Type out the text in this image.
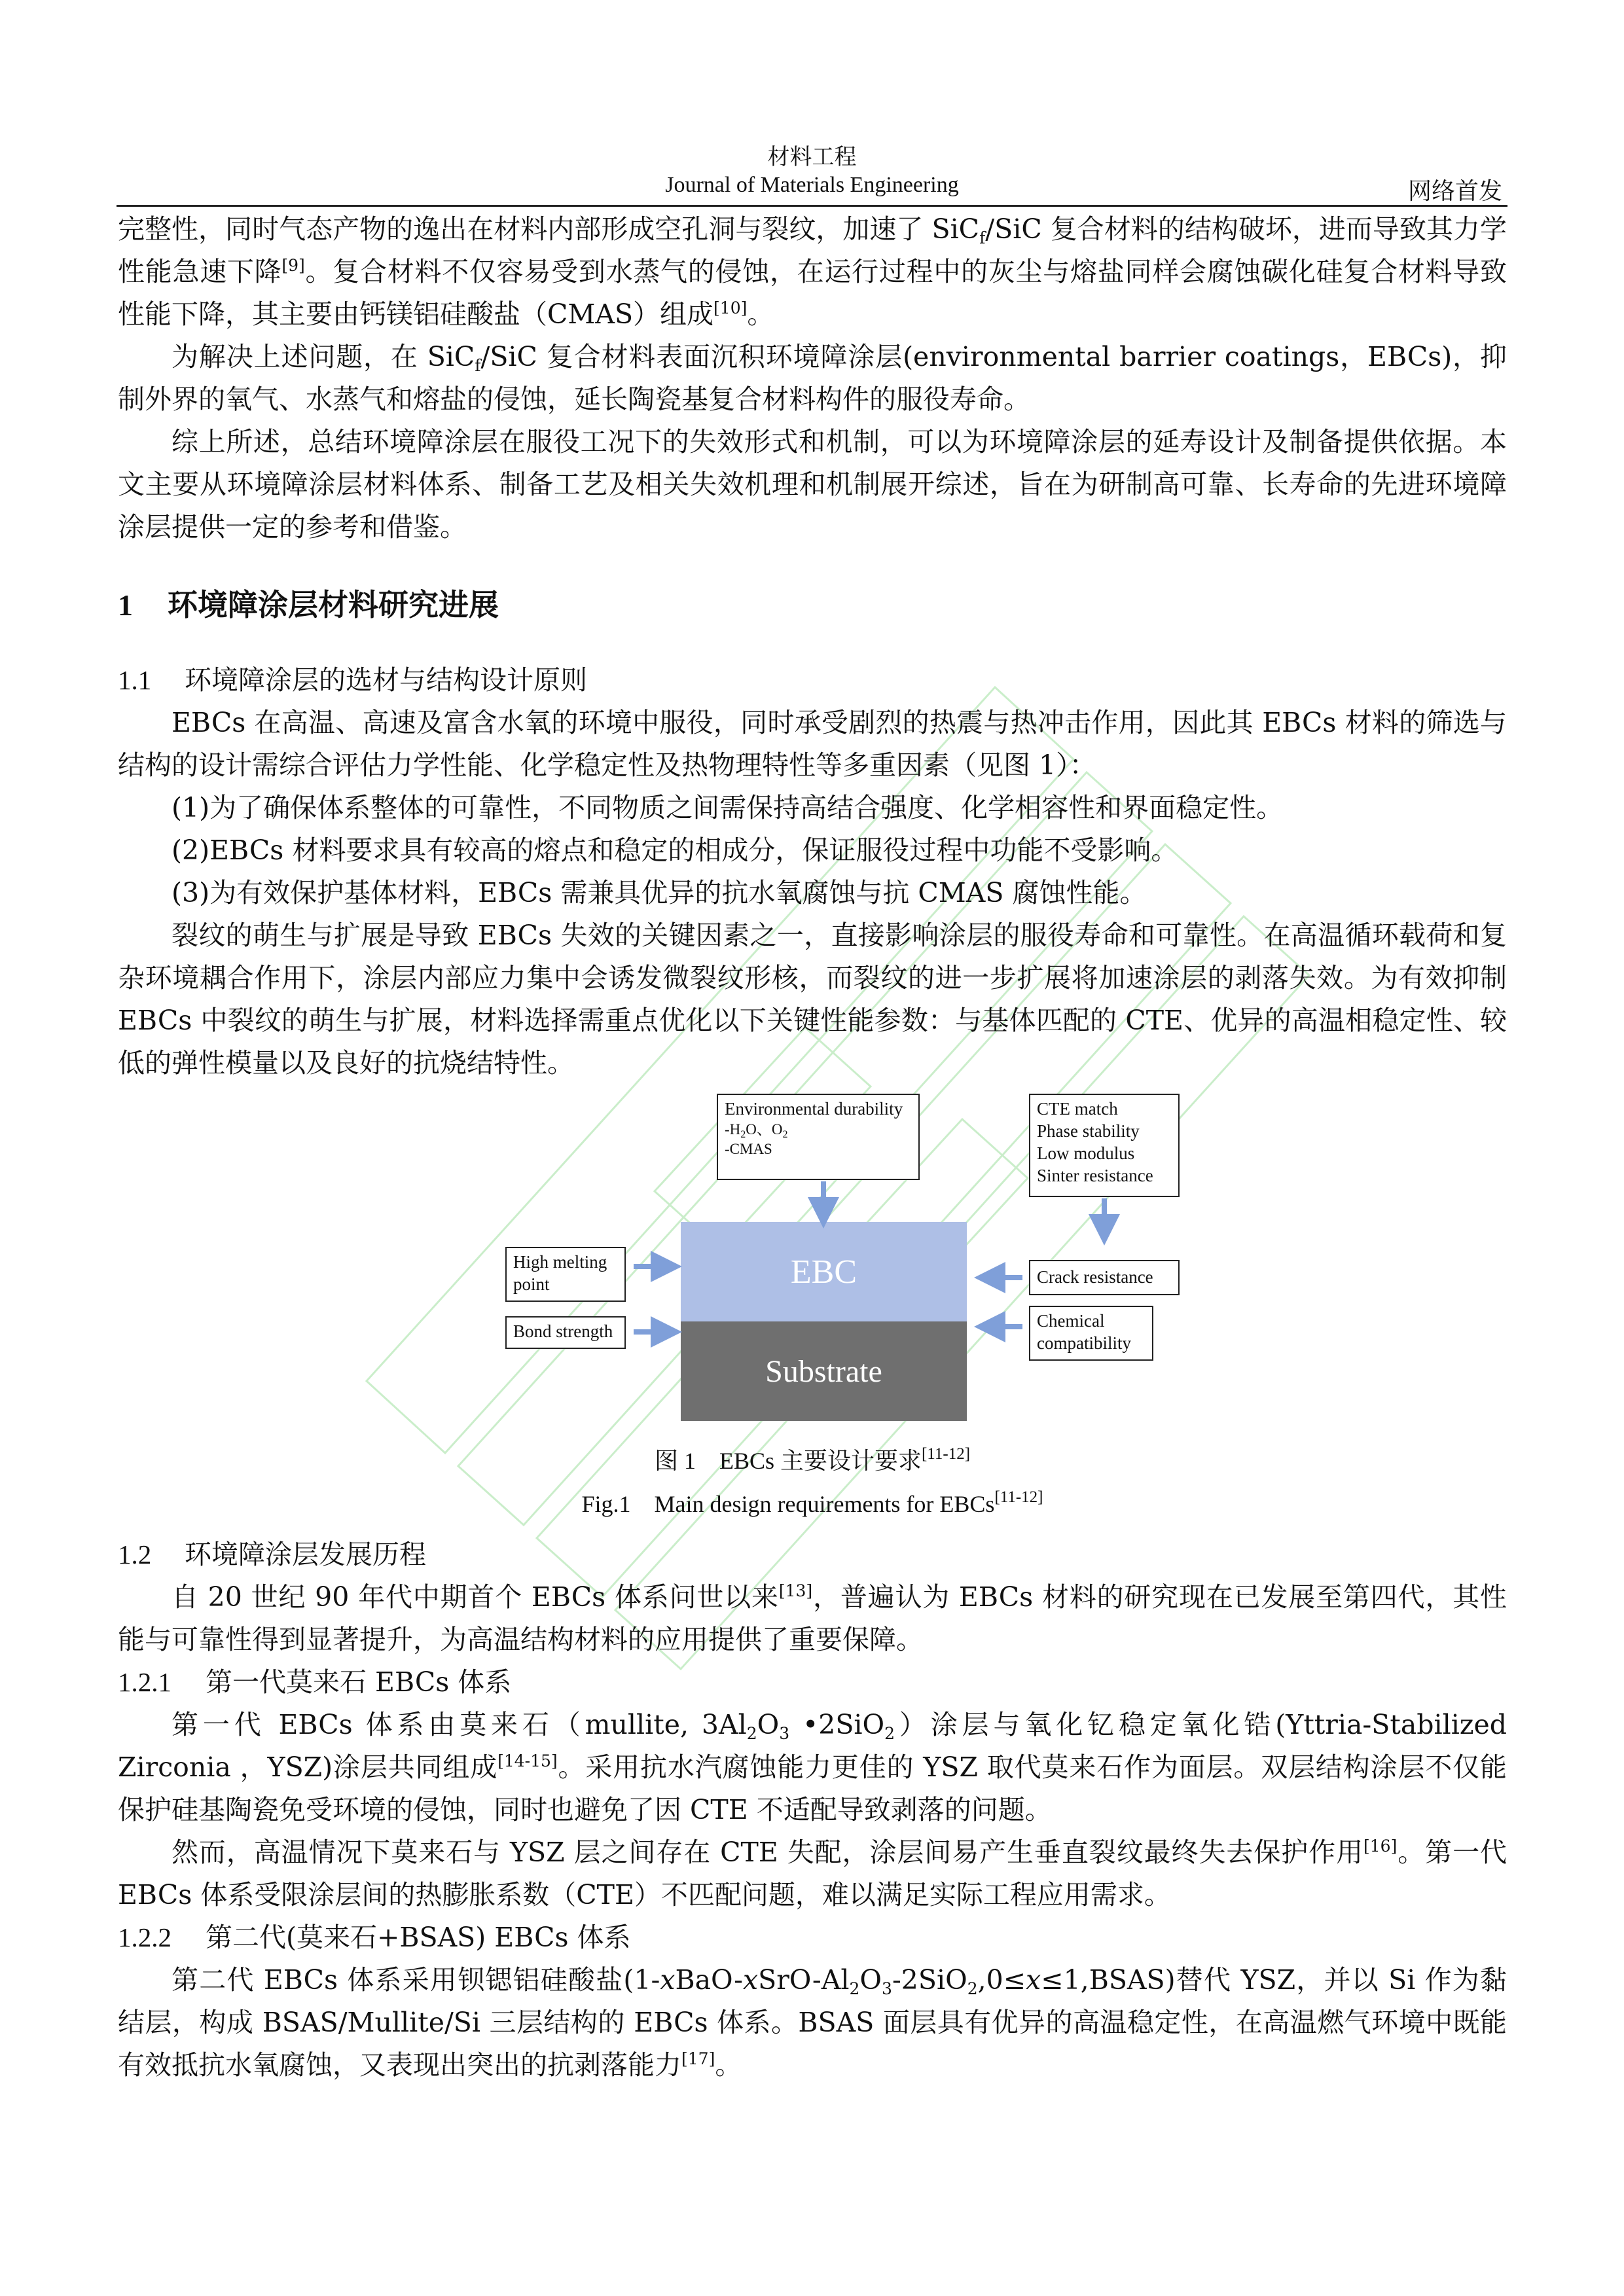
材料工程
Journal of Materials Engineering	网络首发

完整性，同时气态产物的逸出在材料内部形成空孔洞与裂纹，加速了 SiC$_f$/SiC 复合材料的结构破坏，进而导致其力学性能急速下降[9]。复合材料不仅容易受到水蒸气的侵蚀，在运行过程中的灰尘与熔盐同样会腐蚀碳化硅复合材料导致性能下降，其主要由钙镁铝硅酸盐（CMAS）组成[10]。

为解决上述问题，在 SiC$_f$/SiC 复合材料表面沉积环境障涂层(environmental barrier coatings，EBCs)，抑制外界的氧气、水蒸气和熔盐的侵蚀，延长陶瓷基复合材料构件的服役寿命。

综上所述，总结环境障涂层在服役工况下的失效形式和机制，可以为环境障涂层的延寿设计及制备提供依据。本文主要从环境障涂层材料体系、制备工艺及相关失效机理和机制展开综述，旨在为研制高可靠、长寿命的先进环境障涂层提供一定的参考和借鉴。

1 环境障涂层材料研究进展

1.1 环境障涂层的选材与结构设计原则

EBCs 在高温、高速及富含水氧的环境中服役，同时承受剧烈的热震与热冲击作用，因此其 EBCs 材料的筛选与结构的设计需综合评估力学性能、化学稳定性及热物理特性等多重因素（见图 1）：

(1)为了确保体系整体的可靠性，不同物质之间需保持高结合强度、化学相容性和界面稳定性。

(2)EBCs 材料要求具有较高的熔点和稳定的相成分，保证服役过程中功能不受影响。

(3)为有效保护基体材料，EBCs 需兼具优异的抗水氧腐蚀与抗 CMAS 腐蚀性能。

裂纹的萌生与扩展是导致 EBCs 失效的关键因素之一，直接影响涂层的服役寿命和可靠性。在高温循环载荷和复杂环境耦合作用下，涂层内部应力集中会诱发微裂纹形核，而裂纹的进一步扩展将加速涂层的剥落失效。为有效抑制 EBCs 中裂纹的萌生与扩展，材料选择需重点优化以下关键性能参数：与基体匹配的 CTE、优异的高温相稳定性、较低的弹性模量以及良好的抗烧结特性。

Environmental durability
$-H_2O$、$O_2$
-CMAS
CTE match
Phase stability
Low modulus
Sinter resistance
High melting
point
Bond strength
Crack resistance
Chemical
compatibility
EBC
Substrate
图 1　EBCs 主要设计要求[11-12]
Fig.1　Main design requirements for EBCs[11-12]

1.2 环境障涂层发展历程

自 20 世纪 90 年代中期首个 EBCs 体系问世以来[13]，普遍认为 EBCs 材料的研究现在已发展至第四代，其性能与可靠性得到显著提升，为高温结构材料的应用提供了重要保障。

1.2.1 第一代莫来石 EBCs 体系

第一代 EBCs 体系由莫来石（mullite, $3Al_2O_3$ •2SiO$_2$）涂层与氧化钇稳定氧化锆(Yttria-Stabilized Zirconia ，YSZ)涂层共同组成[14-15]。采用抗水汽腐蚀能力更佳的 YSZ 取代莫来石作为面层。双层结构涂层不仅能保护硅基陶瓷免受环境的侵蚀，同时也避免了因 CTE 不适配导致剥落的问题。

然而，高温情况下莫来石与 YSZ 层之间存在 CTE 失配，涂层间易产生垂直裂纹最终失去保护作用[16]。第一代 EBCs 体系受限涂层间的热膨胀系数（CTE）不匹配问题，难以满足实际工程应用需求。

1.2.2 第二代(莫来石+BSAS) EBCs 体系

第二代 EBCs 体系采用钡锶铝硅酸盐$(1-xBaO-xSrO-Al_2O_3-2SiO_2,0\le x\le 1,BSAS)$替代 YSZ，并以 Si 作为黏结层，构成 BSAS/Mullite/Si 三层结构的 EBCs 体系。BSAS 面层具有优异的高温稳定性，在高温燃气环境中既能有效抵抗水氧腐蚀，又表现出突出的抗剥落能力[17]。
